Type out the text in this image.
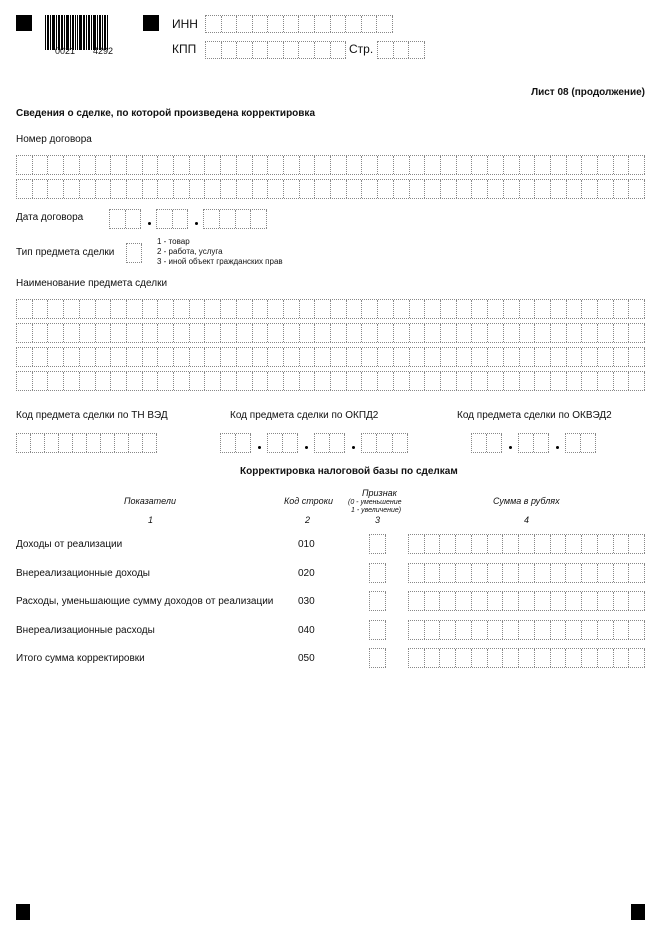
0021 4292
ИНН
КПП	Стр.
Лист 08 (продолжение)
Сведения о сделке, по которой произведена корректировка
Номер договора
Дата договора
Тип предмета сделки
1 - товар
2 - работа, услуга
3 - иной объект гражданских прав
Наименование предмета сделки
Код предмета сделки по ТН ВЭД	Код предмета сделки по ОКПД2	Код предмета сделки по ОКВЭД2
Корректировка налоговой базы по сделкам
Показатели	Код строки
Признак
(0 - уменьшение
1 - увеличение)
Сумма в рублях
1	2	3	4
Доходы от реализации	010
Внереализационные доходы	020
Расходы, уменьшающие сумму доходов от реализации 030
Внереализационные расходы	040
Итого сумма корректировки	050
